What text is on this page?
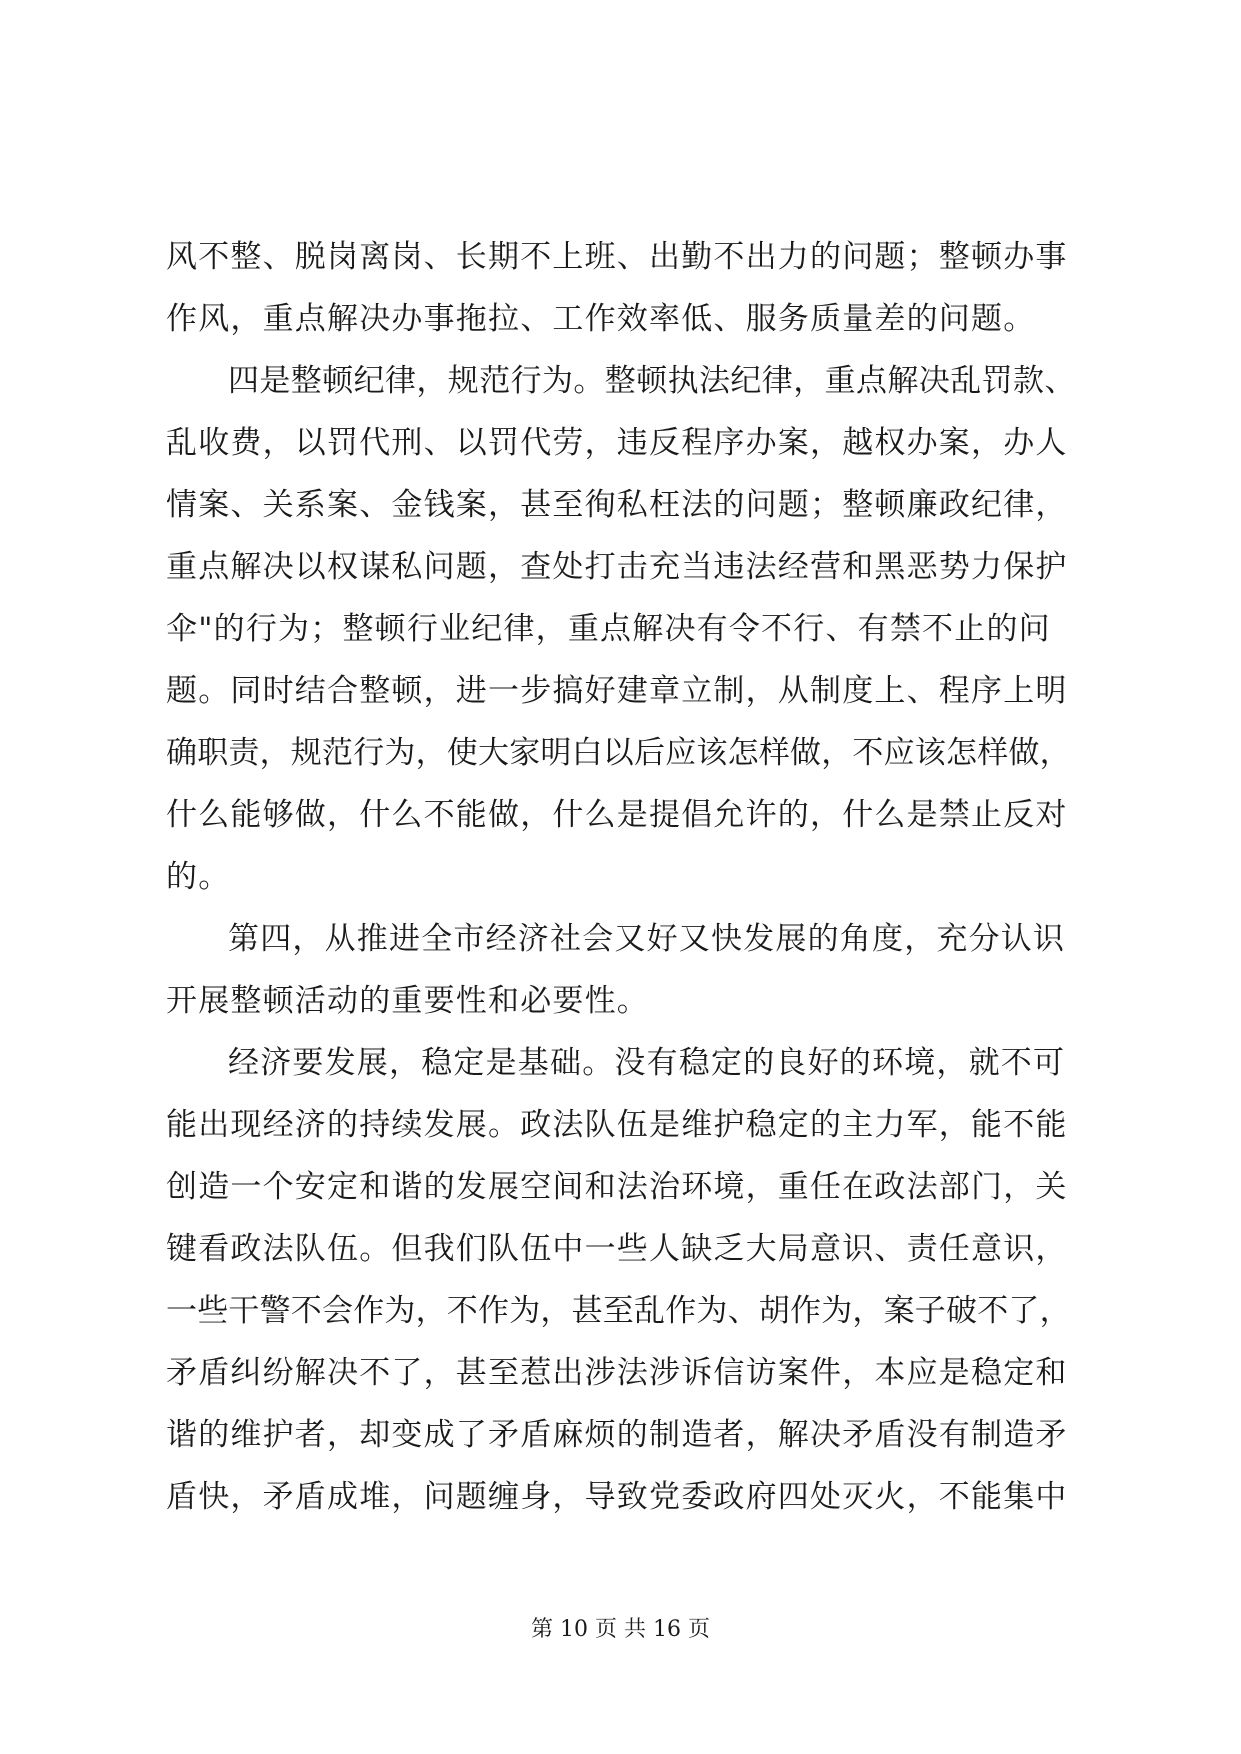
风不整、脱岗离岗、长期不上班、出勤不出力的问题；整顿办事
作风，重点解决办事拖拉、工作效率低、服务质量差的问题。
四是整顿纪律，规范行为。整顿执法纪律，重点解决乱罚款、
乱收费，以罚代刑、以罚代劳，违反程序办案，越权办案，办人
情案、关系案、金钱案，甚至徇私枉法的问题；整顿廉政纪律，
重点解决以权谋私问题，查处打击充当违法经营和黑恶势力保护
伞"的行为；整顿行业纪律，重点解决有令不行、有禁不止的问
题。同时结合整顿，进一步搞好建章立制，从制度上、程序上明
确职责，规范行为，使大家明白以后应该怎样做，不应该怎样做，
什么能够做，什么不能做，什么是提倡允许的，什么是禁止反对
的。
第四，从推进全市经济社会又好又快发展的角度，充分认识
开展整顿活动的重要性和必要性。
经济要发展，稳定是基础。没有稳定的良好的环境，就不可
能出现经济的持续发展。政法队伍是维护稳定的主力军，能不能
创造一个安定和谐的发展空间和法治环境，重任在政法部门，关
键看政法队伍。但我们队伍中一些人缺乏大局意识、责任意识，
一些干警不会作为，不作为，甚至乱作为、胡作为，案子破不了，
矛盾纠纷解决不了，甚至惹出涉法涉诉信访案件，本应是稳定和
谐的维护者，却变成了矛盾麻烦的制造者，解决矛盾没有制造矛
盾快，矛盾成堆，问题缠身，导致党委政府四处灭火，不能集中
第 10 页 共 16 页
